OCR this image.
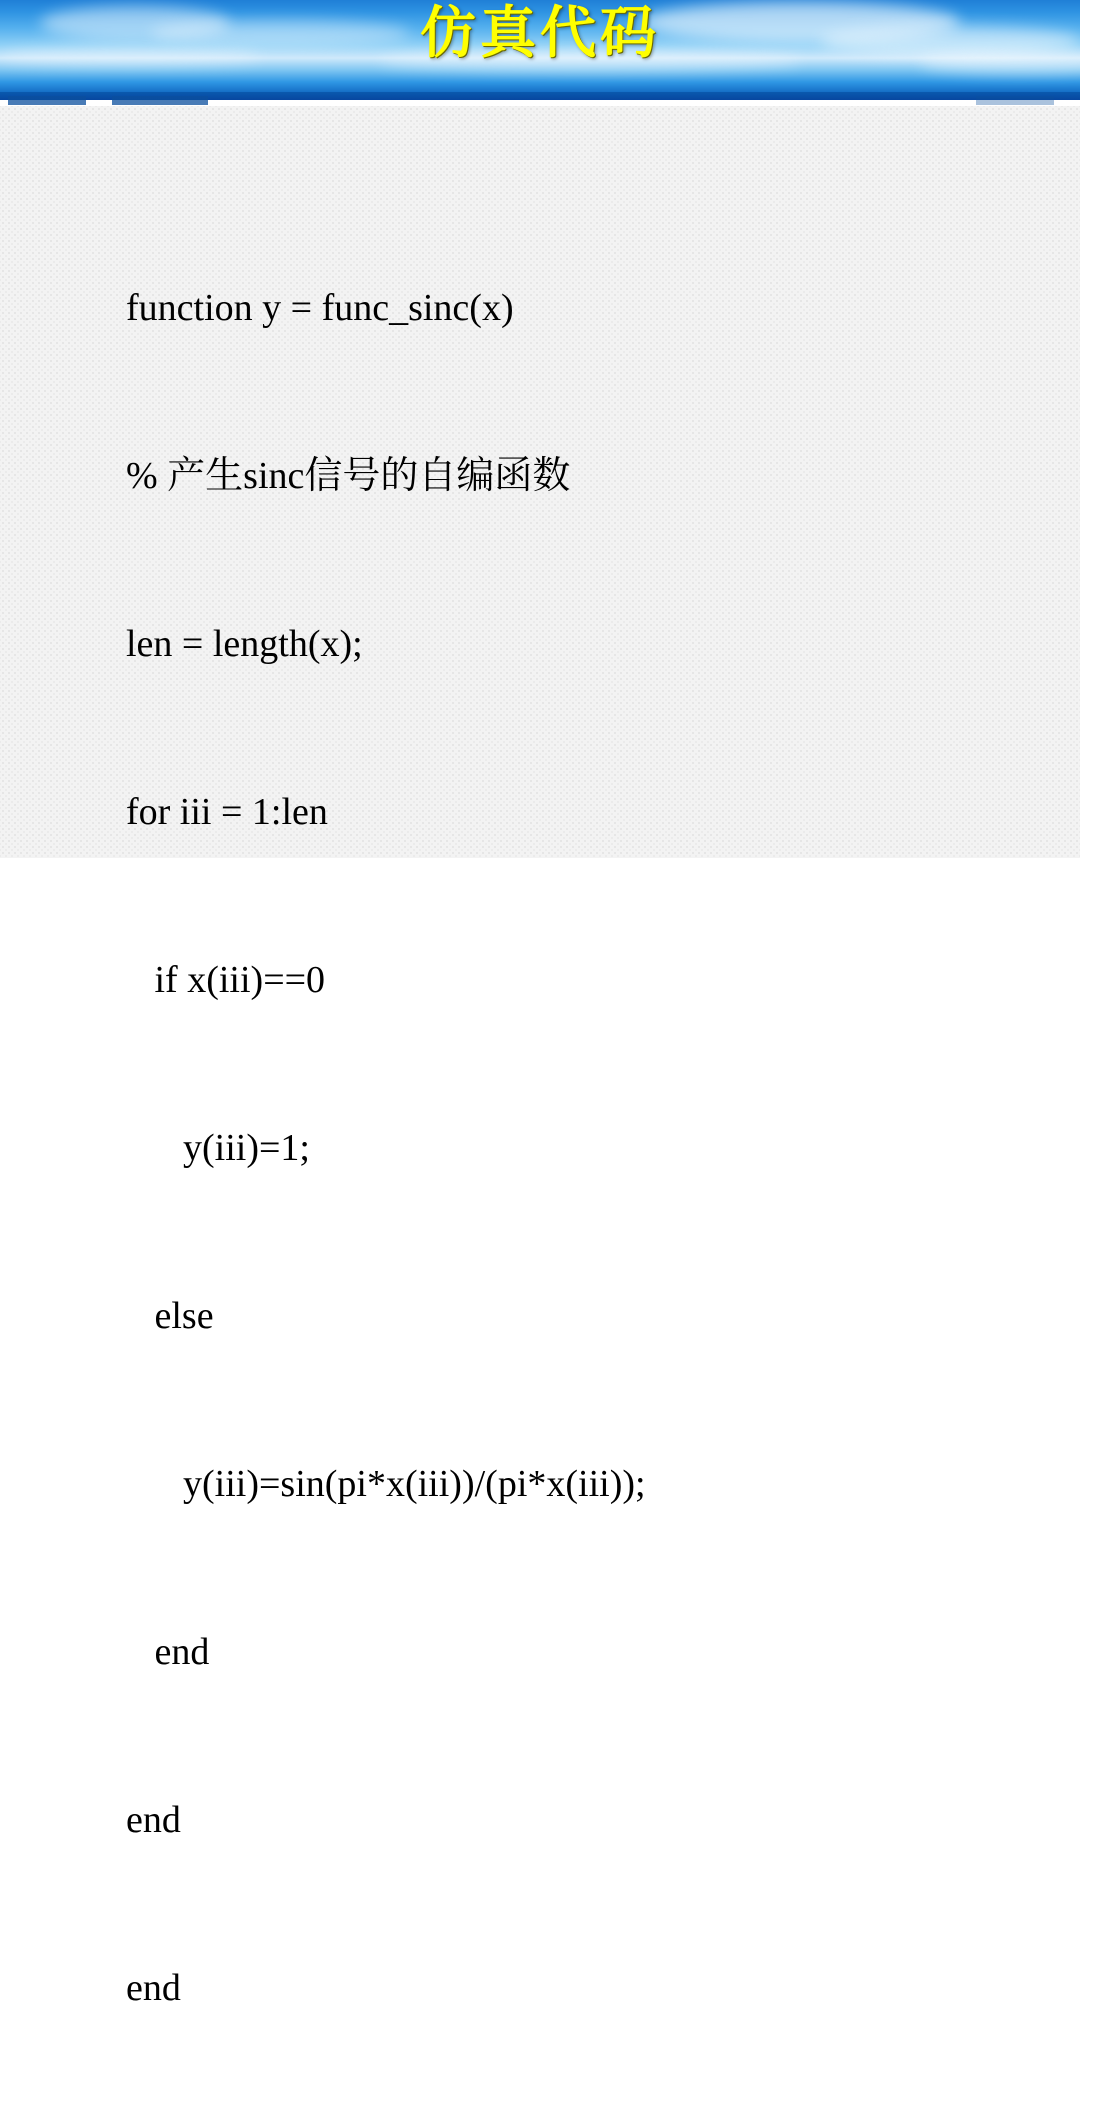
仿真代码

function y = func_sinc(x)

% 产生sinc信号的自编函数

len = length(x);

for iii = 1:len

if x(iii)==0

y(iii)=1;

else

y(iii)=sin(pi*x(iii))/(pi*x(iii));

end

end

end
